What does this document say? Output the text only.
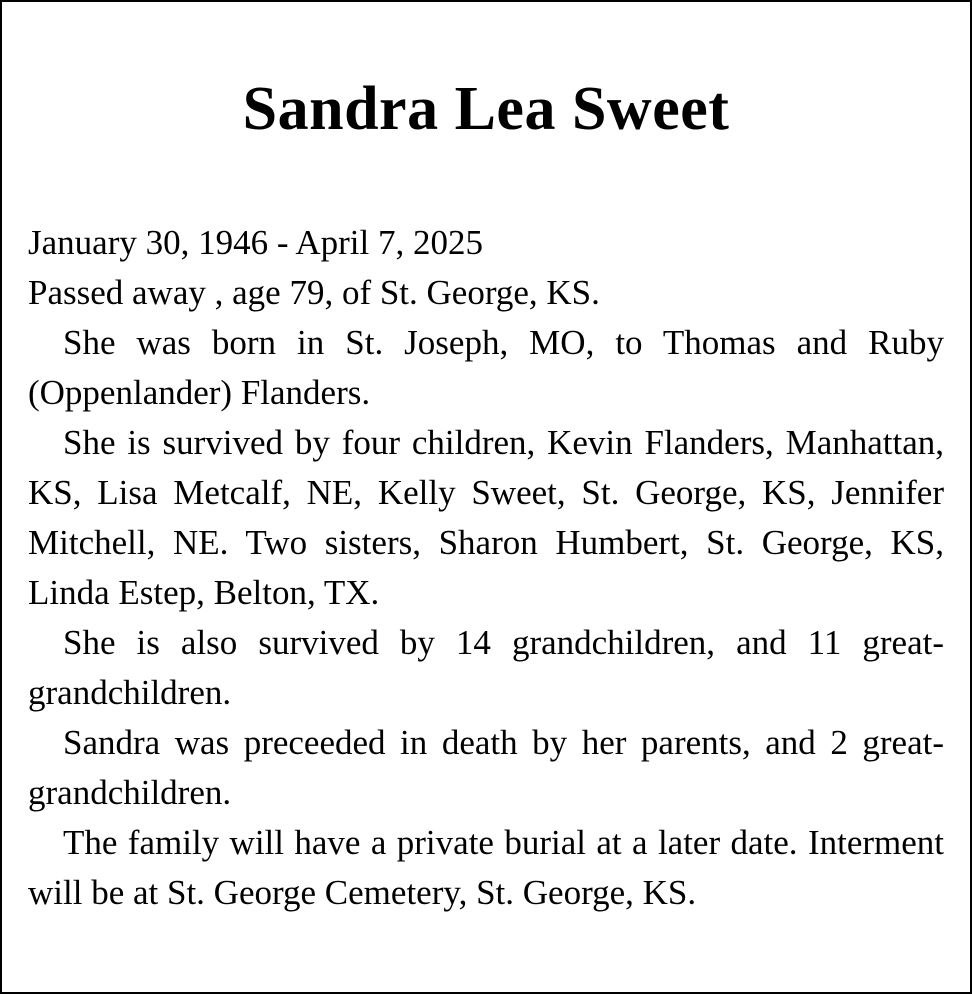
Sandra Lea Sweet

January 30, 1946 - April 7, 2025

Passed away , age 79, of St. George, KS.

She was born in St. Joseph, MO, to Thomas and Ruby (Oppenlander) Flanders.

She is survived by four children, Kevin Flanders, Manhattan, KS, Lisa Metcalf, NE, Kelly Sweet, St. George, KS, Jennifer Mitchell, NE. Two sisters, Sharon Humbert, St. George, KS, Linda Estep, Belton, TX.

She is also survived by 14 grandchildren, and 11 great-grandchildren.

Sandra was preceeded in death by her parents, and 2 great-grandchildren.

The family will have a private burial at a later date. Interment will be at St. George Cemetery, St. George, KS.
